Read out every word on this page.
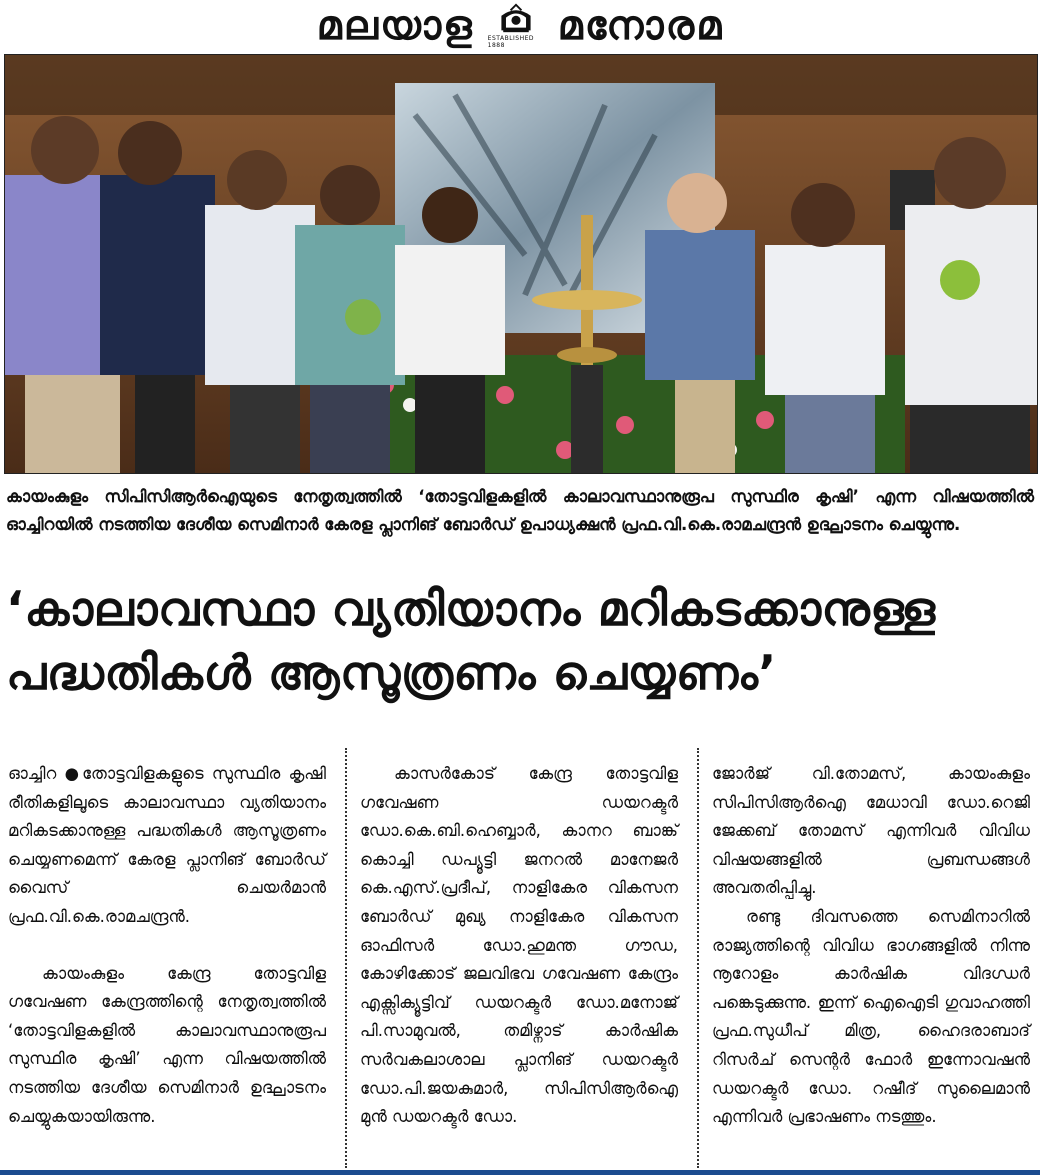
മലയാള ESTABLISHED 1888	മനോരമ
കായംകുളം സിപിസിആർഐയുടെ നേതൃത്വത്തിൽ ‘തോട്ടവിളകളിൽ കാലാവസ്ഥാനുരൂപ സുസ്ഥിര കൃഷി’ എന്ന വിഷയത്തിൽ ഓച്ചിറയിൽ നടത്തിയ ദേശീയ സെമിനാർ കേരള പ്ലാനിങ് ബോർഡ് ഉപാധ്യക്ഷൻ പ്രഫ.വി.കെ.രാമചന്ദ്രൻ ഉദ്ഘാടനം ചെയ്യുന്നു.
‘കാലാവസ്ഥാ വ്യതിയാനം മറികടക്കാനുള്ള
പദ്ധതികൾ ആസൂത്രണം ചെയ്യണം’

ഓച്ചിറ ●തോട്ടവിളകളുടെ സുസ്ഥിര കൃഷി രീതികളിലൂടെ കാലാവസ്ഥാ വ്യതിയാനം മറികടക്കാനുള്ള പദ്ധതികൾ ആസൂത്രണം ചെയ്യണമെന്ന് കേരള പ്ലാനിങ് ബോർഡ് വൈസ് ചെയർമാൻ പ്രഫ.വി.കെ.രാമചന്ദ്രൻ.

കായംകുളം കേന്ദ്ര തോട്ടവിള ഗവേഷണ കേന്ദ്രത്തിന്റെ നേതൃത്വത്തിൽ ‘തോട്ടവിളകളിൽ കാലാവസ്ഥാനുരൂപ സുസ്ഥിര കൃഷി’ എന്ന വിഷയത്തിൽ നടത്തിയ ദേശീയ സെമിനാർ ഉദ്ഘാടനം ചെയ്യുകയായിരുന്നു.

കാസർകോട് കേന്ദ്ര തോട്ടവിള ഗവേഷണ ഡയറക്ടർ ഡോ.കെ.ബി.ഹെബ്ബാർ, കാനറ ബാങ്ക് കൊച്ചി ഡപ്യൂട്ടി ജനറൽ മാനേജർ കെ.എസ്.പ്രദീപ്, നാളികേര വികസന ബോർഡ് മുഖ്യ നാളികേര വികസന ഓഫിസർ ഡോ.ഹുമന്ത ഗൗഡ, കോഴിക്കോട് ജലവിഭവ ഗവേഷണ കേന്ദ്രം എക്സിക്യൂട്ടിവ് ഡയറക്ടർ ഡോ.മനോജ് പി.സാമുവൽ, തമിഴ്നാട് കാർഷിക സർവകലാശാല പ്ലാനിങ് ഡയറക്ടർ ഡോ.പി.ജയകുമാർ, സിപിസിആർഐ മുൻ ഡയറക്ടർ ഡോ.

ജോർജ് വി.തോമസ്, കായംകുളം സിപിസിആർഐ മേധാവി ഡോ.റെജി ജേക്കബ് തോമസ് എന്നിവർ വിവിധ വിഷയങ്ങളിൽ പ്രബന്ധങ്ങൾ അവതരിപ്പിച്ചു.

രണ്ടു ദിവസത്തെ സെമിനാറിൽ രാജ്യത്തിന്റെ വിവിധ ഭാഗങ്ങളിൽ നിന്നു നൂറോളം കാർഷിക വിദഗ്ധർ പങ്കെടുക്കുന്നു. ഇന്ന് ഐഐടി ഗുവാഹത്തി പ്രഫ.സുധീപ് മിത്ര, ഹൈദരാബാദ് റിസർച് സെന്റർ ഫോർ ഇന്നോവഷൻ ഡയറക്ടർ ഡോ. റഷീദ് സുലൈമാൻ എന്നിവർ പ്രഭാഷണം നടത്തും.
